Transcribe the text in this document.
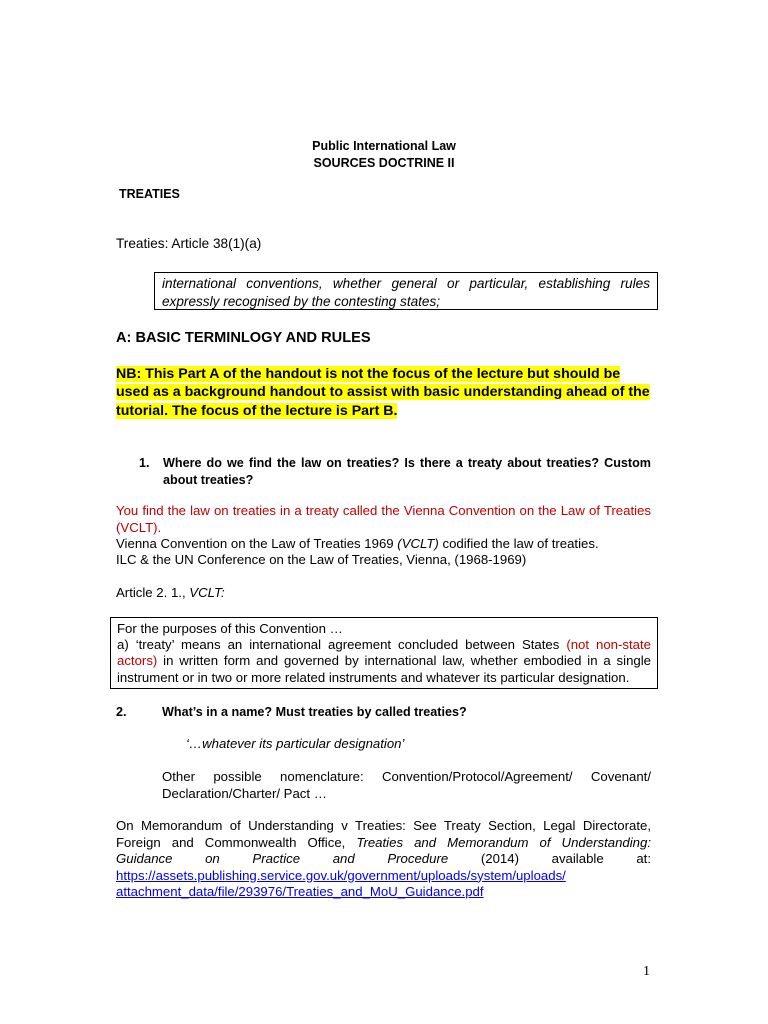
Public International Law
SOURCES DOCTRINE II
TREATIES
Treaties: Article 38(1)(a)
international conventions, whether general or particular, establishing rules expressly recognised by the contesting states;
A: BASIC TERMINLOGY AND RULES
NB: This Part A of the handout is not the focus of the lecture but should be used as a background handout to assist with basic understanding ahead of the tutorial. The focus of the lecture is Part B.
1. Where do we find the law on treaties? Is there a treaty about treaties? Custom about treaties?
You find the law on treaties in a treaty called the Vienna Convention on the Law of Treaties (VCLT).
Vienna Convention on the Law of Treaties 1969 (VCLT) codified the law of treaties.
ILC & the UN Conference on the Law of Treaties, Vienna, (1968-1969)
Article 2. 1., VCLT:
For the purposes of this Convention …
a) ‘treaty’ means an international agreement concluded between States (not non-state actors) in written form and governed by international law, whether embodied in a single instrument or in two or more related instruments and whatever its particular designation.
2.	What’s in a name? Must treaties by called treaties?
‘…whatever its particular designation’
Other possible nomenclature: Convention/Protocol/Agreement/ Covenant/ Declaration/Charter/ Pact …
On Memorandum of Understanding v Treaties: See Treaty Section, Legal Directorate, Foreign and Commonwealth Office, Treaties and Memorandum of Understanding: Guidance on Practice and Procedure (2014) available at: https://assets.publishing.service.gov.uk/government/uploads/system/uploads/
attachment_data/file/293976/Treaties_and_MoU_Guidance.pdf
1
